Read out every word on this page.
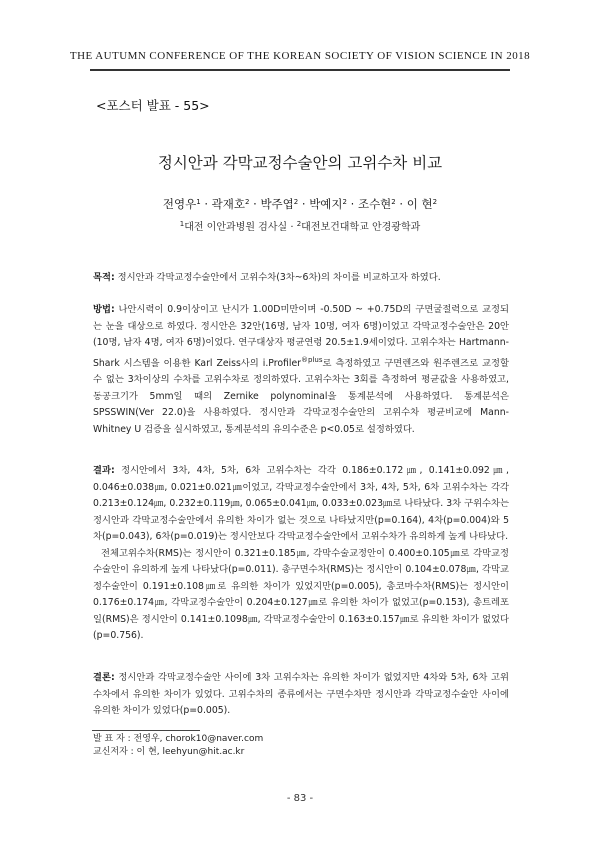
THE AUTUMN CONFERENCE OF THE KOREAN SOCIETY OF VISION SCIENCE IN 2018
<포스터 발표 - 55>
정시안과 각막교정수술안의 고위수차 비교
전영우$^1$ · 곽재호$^2$ · 박주엽$^2$ · 박예지$^2$ · 조수현$^2$ · 이 현$^2$
$^1$대전 이안과병원 검사실 · $^2$대전보건대학교 안경광학과

목적: 정시안과 각막교정수술안에서 고위수차(3차~6차)의 차이를 비교하고자 하였다.

방법: 나안시력이 0.9이상이고 난시가 1.00D미만이며 -0.50D ~ +0.75D의 구면굴절력으로 교정되는 눈을 대상으로 하였다. 정시안은 32안(16명, 남자 10명, 여자 6명)이었고 각막교정수술안은 20안(10명, 남자 4명, 여자 6명)이었다. 연구대상자 평균연령 20.5±1.9세이었다. 고위수차는 Hartmann-Shark 시스템을 이용한 Karl Zeiss사의 i.Profiler$^{®plus}$로 측정하였고 구면렌즈와 원주렌즈로 교정할 수 없는 3차이상의 수차를 고위수차로 정의하였다. 고위수차는 3회를 측정하여 평균값을 사용하였고, 동공크기가 5mm일 때의 Zernike polynominal을 통계분석에 사용하였다. 통계분석은 SPSSWIN(Ver 22.0)을 사용하였다. 정시안과 각막교정수술안의 고위수차 평균비교에 Mann-Whitney U 검증을 실시하였고, 통계분석의 유의수준은 p<0.05로 설정하였다.

결과: 정시안에서 3차, 4차, 5차, 6차 고위수차는 각각 0.186±0.172㎛, 0.141±0.092㎛, 0.046±0.038㎛, 0.021±0.021㎛이었고, 각막교정수술안에서 3차, 4차, 5차, 6차 고위수차는 각각 0.213±0.124㎛, 0.232±0.119㎛, 0.065±0.041㎛, 0.033±0.023㎛로 나타났다. 3차 구위수차는 정시안과 각막교정수술안에서 유의한 차이가 없는 것으로 나타났지만(p=0.164), 4차(p=0.004)와 5차(p=0.043), 6차(p=0.019)는 정시안보다 각막교정수술안에서 고위수차가 유의하게 높게 나타났다.

전체고위수차(RMS)는 정시안이 0.321±0.185㎛, 각막수술교정안이 0.400±0.105㎛로 각막교정수술안이 유의하게 높게 나타났다(p=0.011). 총구면수차(RMS)는 정시안이 0.104±0.078㎛, 각막교정수술안이 0.191±0.108㎛로 유의한 차이가 있었지만(p=0.005), 총코마수차(RMS)는 정시안이 0.176±0.174㎛, 각막교정수술안이 0.204±0.127㎛로 유의한 차이가 없었고(p=0.153), 총트레포일(RMS)은 정시안이 0.141±0.1098㎛, 각막교정수술안이 0.163±0.157㎛로 유의한 차이가 없었다(p=0.756).

결론: 정시안과 각막교정수술안 사이에 3차 고위수차는 유의한 차이가 없었지만 4차와 5차, 6차 고위수차에서 유의한 차이가 있었다. 고위수차의 종류에서는 구면수차만 정시안과 각막교정수술안 사이에 유의한 차이가 있었다(p=0.005).

발 표 자 : 전영우, chorok10@naver.com
교신저자 : 이 현, leehyun@hit.ac.kr
- 83 -
